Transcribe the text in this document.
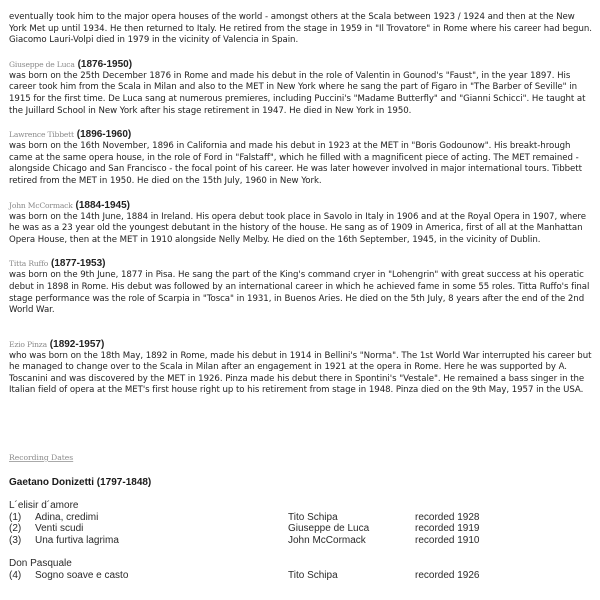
eventually took him to the major opera houses of the world - amongst others at the Scala between 1923 / 1924 and then at the New York Met up until 1934. He then returned to Italy. He retired from the stage in 1959 in "Il Trovatore" in Rome where his career had begun. Giacomo Lauri-Volpi died in 1979 in the vicinity of Valencia in Spain.

Giuseppe de Luca (1876-1950)

was born on the 25th December 1876 in Rome and made his debut in the role of Valentin in Gounod's "Faust", in the year 1897. His career took him from the Scala in Milan and also to the MET in New York where he sang the part of Figaro in "The Barber of Seville" in 1915 for the first time. De Luca sang at numerous premieres, including Puccini's "Madame Butterfly" and "Gianni Schicci". He taught at the Juillard School in New York after his stage retirement in 1947. He died in New York in 1950.

Lawrence Tibbett (1896-1960)

was born on the 16th November, 1896 in California and made his debut in 1923 at the MET in "Boris Godounow". His breakt-hrough came at the same opera house, in the role of Ford in "Falstaff", which he filled with a magnificent piece of acting. The MET remained - alongside Chicago and San Francisco - the focal point of his career. He was later however involved in major international tours. Tibbett retired from the MET in 1950. He died on the 15th July, 1960 in New York.

John McCormack (1884-1945)

was born on the 14th June, 1884 in Ireland. His opera debut took place in Savolo in Italy in 1906 and at the Royal Opera in 1907, where he was as a 23 year old the youngest debutant in the history of the house. He sang as of 1909 in America, first of all at the Manhattan Opera House, then at the MET in 1910 alongside Nelly Melby. He died on the 16th September, 1945, in the vicinity of Dublin.

Titta Ruffo (1877-1953)

was born on the 9th June, 1877 in Pisa. He sang the part of the King's command cryer in "Lohengrin" with great success at his operatic debut in 1898 in Rome. His debut was followed by an international career in which he achieved fame in some 55 roles. Titta Ruffo's final stage performance was the role of Scarpia in "Tosca" in 1931, in Buenos Aries. He died on the 5th July, 8 years after the end of the 2nd World War.

Ezio Pinza (1892-1957)

who was born on the 18th May, 1892 in Rome, made his debut in 1914 in Bellini's "Norma". The 1st World War interrupted his career but he managed to change over to the Scala in Milan after an engagement in 1921 at the opera in Rome. Here he was supported by A. Toscanini and was discovered by the MET in 1926. Pinza made his debut there in Spontini's "Vestale". He remained a bass singer in the Italian field of opera at the MET's first house right up to his retirement from stage in 1948. Pinza died on the 9th May, 1957 in the USA.

Recording Dates
Gaetano Donizetti (1797-1848)
L´elisir d´amore
(1) Adina, credimi	Tito Schipa	recorded 1928
(2) Venti scudi	Giuseppe de Luca	recorded 1919
(3) Una furtiva lagrima	John McCormack	recorded 1910
Don Pasquale
(4) Sogno soave e casto	Tito Schipa	recorded 1926
